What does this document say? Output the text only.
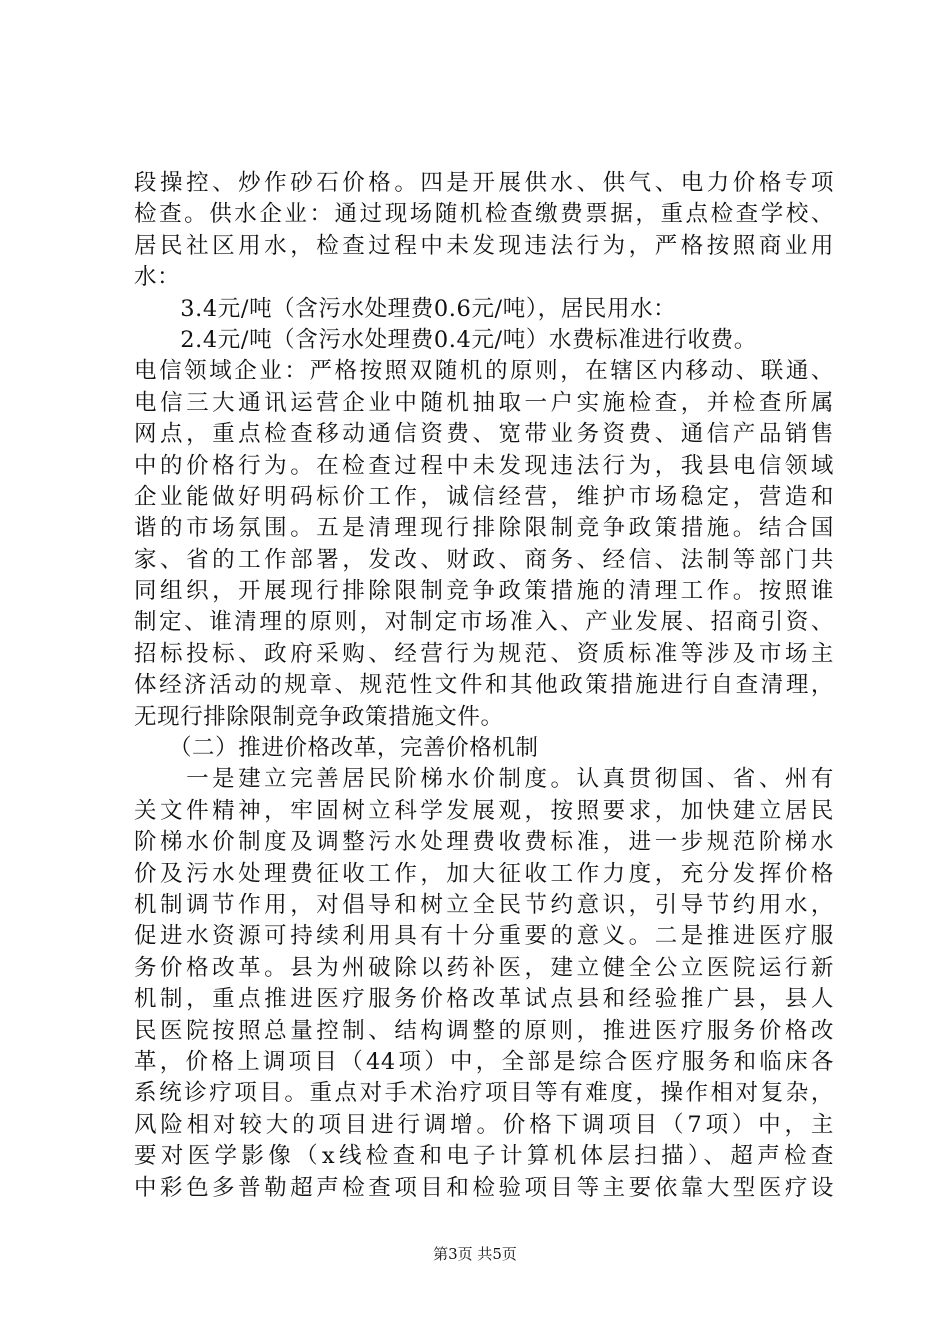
段操控、炒作砂石价格。四是开展供水、供气、电力价格专项
检查。供水企业：通过现场随机检查缴费票据，重点检查学校、
居民社区用水，检查过程中未发现违法行为，严格按照商业用
水：
　　3.4元/吨（含污水处理费0.6元/吨），居民用水：
　　2.4元/吨（含污水处理费0.4元/吨）水费标准进行收费。
电信领域企业：严格按照双随机的原则，在辖区内移动、联通、
电信三大通讯运营企业中随机抽取一户实施检查，并检查所属
网点，重点检查移动通信资费、宽带业务资费、通信产品销售
中的价格行为。在检查过程中未发现违法行为，我县电信领域
企业能做好明码标价工作，诚信经营，维护市场稳定，营造和
谐的市场氛围。五是清理现行排除限制竞争政策措施。结合国
家、省的工作部署，发改、财政、商务、经信、法制等部门共
同组织，开展现行排除限制竞争政策措施的清理工作。按照谁
制定、谁清理的原则，对制定市场准入、产业发展、招商引资、
招标投标、政府采购、经营行为规范、资质标准等涉及市场主
体经济活动的规章、规范性文件和其他政策措施进行自查清理，
无现行排除限制竞争政策措施文件。
　　（二）推进价格改革，完善价格机制
　　一是建立完善居民阶梯水价制度。认真贯彻国、省、州有
关文件精神，牢固树立科学发展观，按照要求，加快建立居民
阶梯水价制度及调整污水处理费收费标准，进一步规范阶梯水
价及污水处理费征收工作，加大征收工作力度，充分发挥价格
机制调节作用，对倡导和树立全民节约意识，引导节约用水，
促进水资源可持续利用具有十分重要的意义。二是推进医疗服
务价格改革。县为州破除以药补医，建立健全公立医院运行新
机制，重点推进医疗服务价格改革试点县和经验推广县，县人
民医院按照总量控制、结构调整的原则，推进医疗服务价格改
革，价格上调项目（44项）中，全部是综合医疗服务和临床各
系统诊疗项目。重点对手术治疗项目等有难度，操作相对复杂，
风险相对较大的项目进行调增。价格下调项目（7项）中，主
要对医学影像（x线检查和电子计算机体层扫描）、超声检查
中彩色多普勒超声检查项目和检验项目等主要依靠大型医疗设
第3页 共5页
